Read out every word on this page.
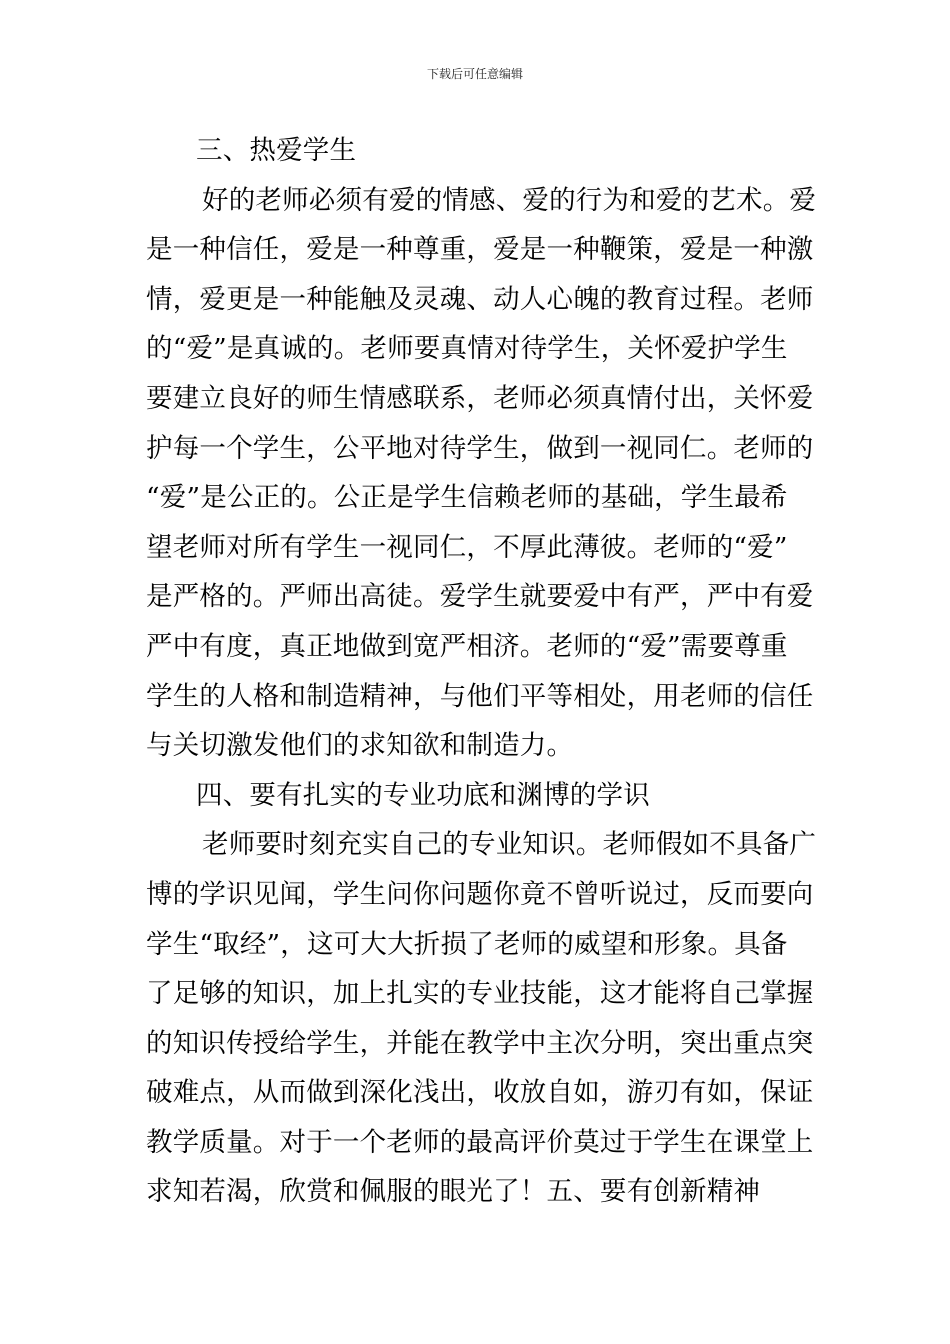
下载后可任意编辑
三、热爱学生
好的老师必须有爱的情感、爱的行为和爱的艺术。爱
是一种信任，爱是一种尊重，爱是一种鞭策，爱是一种激
情，爱更是一种能触及灵魂、动人心魄的教育过程。老师
的“爱”是真诚的。老师要真情对待学生，关怀爱护学生
要建立良好的师生情感联系，老师必须真情付出，关怀爱
护每一个学生，公平地对待学生，做到一视同仁。老师的
“爱”是公正的。公正是学生信赖老师的基础，学生最希
望老师对所有学生一视同仁，不厚此薄彼。老师的“爱”
是严格的。严师出高徒。爱学生就要爱中有严，严中有爱
严中有度，真正地做到宽严相济。老师的“爱”需要尊重
学生的人格和制造精神，与他们平等相处，用老师的信任
与关切激发他们的求知欲和制造力。
四、要有扎实的专业功底和渊博的学识
老师要时刻充实自己的专业知识。老师假如不具备广
博的学识见闻，学生问你问题你竟不曾听说过，反而要向
学生“取经”，这可大大折损了老师的威望和形象。具备
了足够的知识，加上扎实的专业技能，这才能将自己掌握
的知识传授给学生，并能在教学中主次分明，突出重点突
破难点，从而做到深化浅出，收放自如，游刃有如，保证
教学质量。对于一个老师的最高评价莫过于学生在课堂上
求知若渴，欣赏和佩服的眼光了！五、要有创新精神
